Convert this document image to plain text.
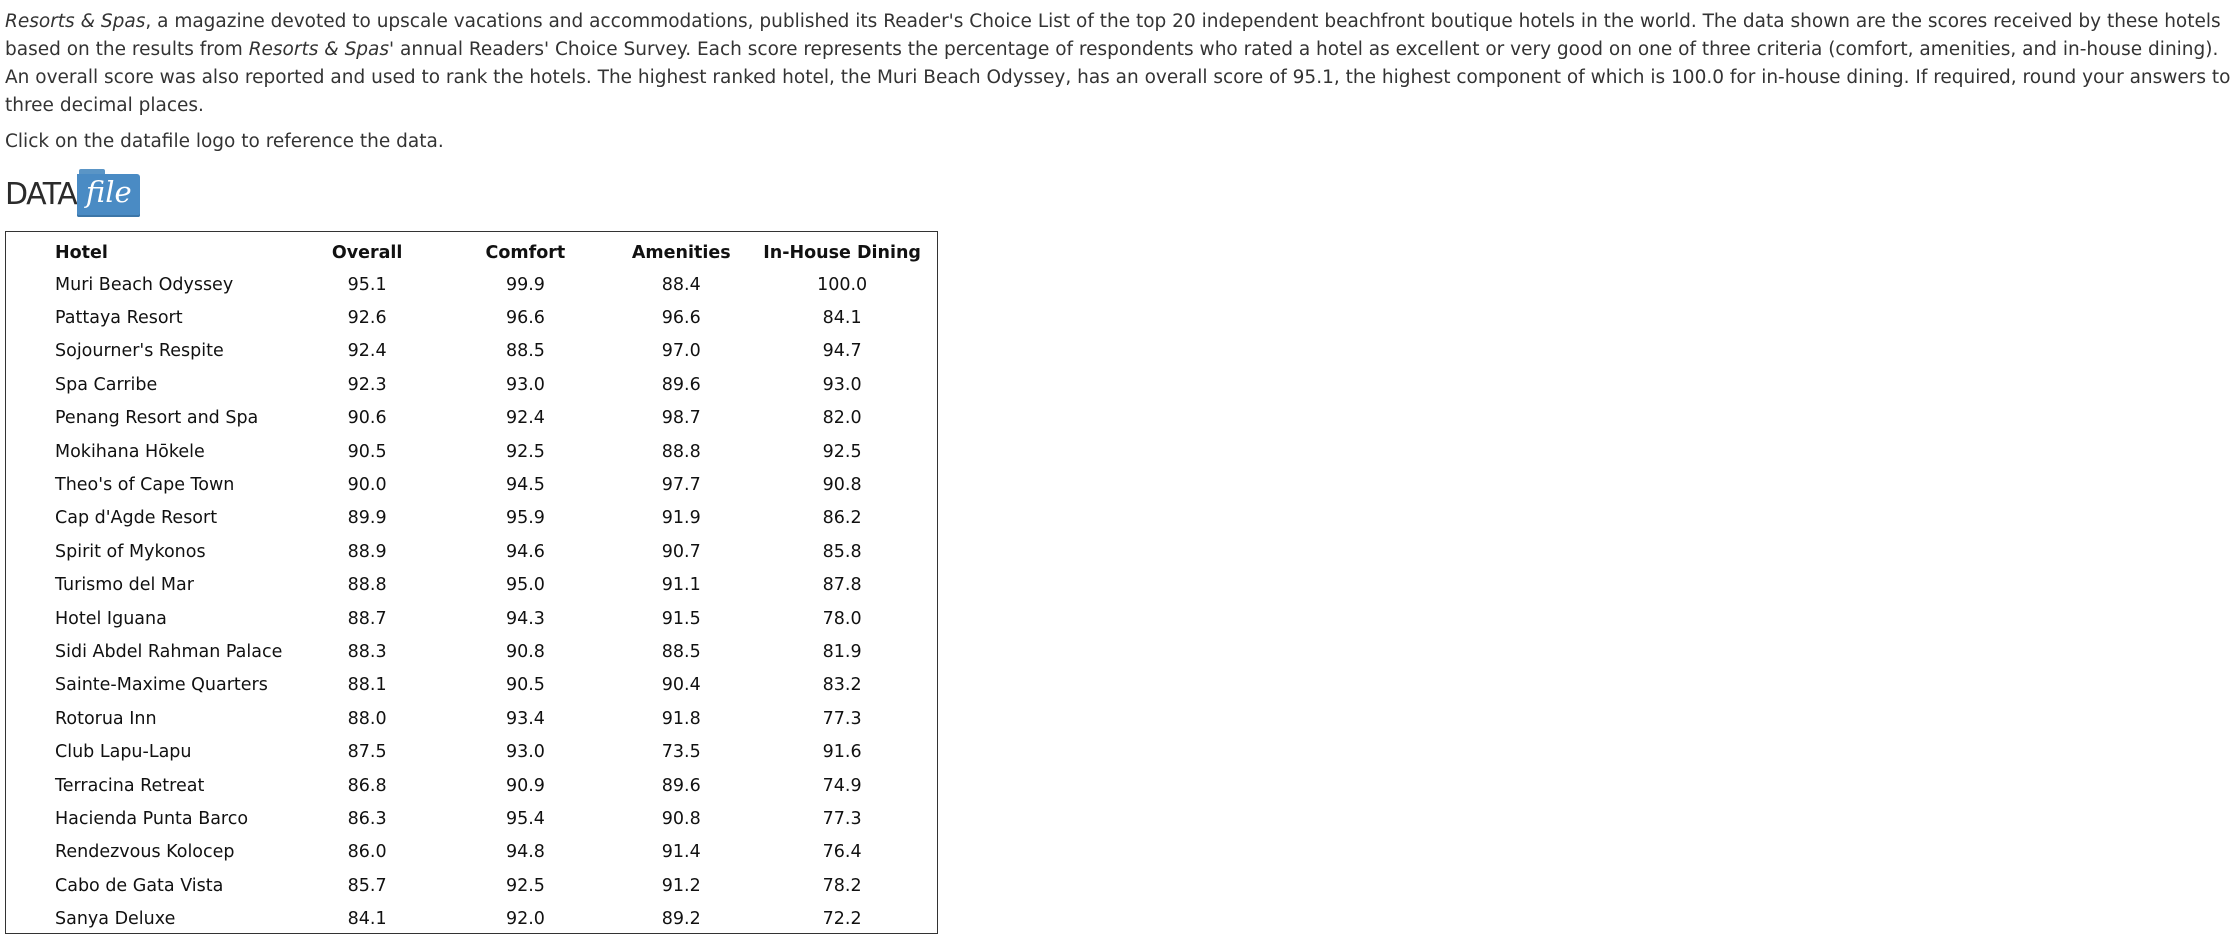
Resorts & Spas, a magazine devoted to upscale vacations and accommodations, published its Reader's Choice List of the top 20 independent beachfront boutique hotels in the world. The data shown are the scores received by these hotels based on the results from Resorts & Spas' annual Readers' Choice Survey. Each score represents the percentage of respondents who rated a hotel as excellent or very good on one of three criteria (comfort, amenities, and in-house dining). An overall score was also reported and used to rank the hotels. The highest ranked hotel, the Muri Beach Odyssey, has an overall score of 95.1, the highest component of which is 100.0 for in-house dining. If required, round your answers to three decimal places.

Click on the datafile logo to reference the data.

DATA file
Hotel	Overall	Comfort	Amenities	In-House Dining
Muri Beach Odyssey	95.1	99.9	88.4	100.0
Pattaya Resort	92.6	96.6	96.6	84.1
Sojourner's Respite	92.4	88.5	97.0	94.7
Spa Carribe	92.3	93.0	89.6	93.0
Penang Resort and Spa	90.6	92.4	98.7	82.0
Mokihana Hōkele	90.5	92.5	88.8	92.5
Theo's of Cape Town	90.0	94.5	97.7	90.8
Cap d'Agde Resort	89.9	95.9	91.9	86.2
Spirit of Mykonos	88.9	94.6	90.7	85.8
Turismo del Mar	88.8	95.0	91.1	87.8
Hotel Iguana	88.7	94.3	91.5	78.0
Sidi Abdel Rahman Palace	88.3	90.8	88.5	81.9
Sainte-Maxime Quarters	88.1	90.5	90.4	83.2
Rotorua Inn	88.0	93.4	91.8	77.3
Club Lapu-Lapu	87.5	93.0	73.5	91.6
Terracina Retreat	86.8	90.9	89.6	74.9
Hacienda Punta Barco	86.3	95.4	90.8	77.3
Rendezvous Kolocep	86.0	94.8	91.4	76.4
Cabo de Gata Vista	85.7	92.5	91.2	78.2
Sanya Deluxe	84.1	92.0	89.2	72.2
